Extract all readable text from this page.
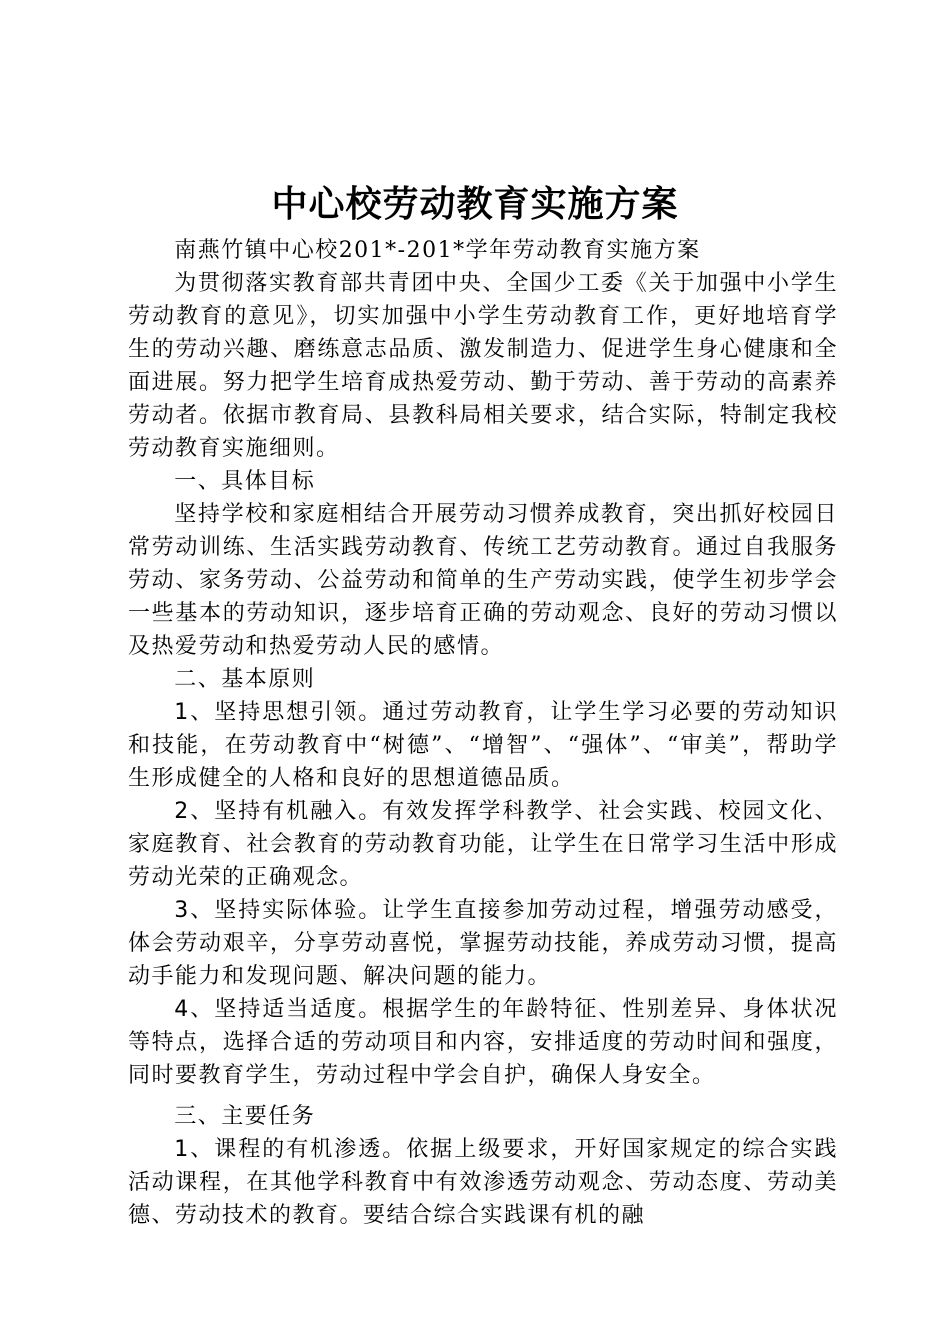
中心校劳动教育实施方案

南燕竹镇中心校201*-201*学年劳动教育实施方案

为贯彻落实教育部共青团中央、全国少工委《关于加强中小学生劳动教育的意见》，切实加强中小学生劳动教育工作，更好地培育学生的劳动兴趣、磨练意志品质、激发制造力、促进学生身心健康和全面进展。努力把学生培育成热爱劳动、勤于劳动、善于劳动的高素养劳动者。依据市教育局、县教科局相关要求，结合实际，特制定我校劳动教育实施细则。

一、具体目标

坚持学校和家庭相结合开展劳动习惯养成教育，突出抓好校园日常劳动训练、生活实践劳动教育、传统工艺劳动教育。通过自我服务劳动、家务劳动、公益劳动和简单的生产劳动实践，使学生初步学会一些基本的劳动知识，逐步培育正确的劳动观念、良好的劳动习惯以及热爱劳动和热爱劳动人民的感情。

二、基本原则

1、坚持思想引领。通过劳动教育，让学生学习必要的劳动知识和技能，在劳动教育中“树德”、“增智”、“强体”、“审美”，帮助学生形成健全的人格和良好的思想道德品质。

2、坚持有机融入。有效发挥学科教学、社会实践、校园文化、家庭教育、社会教育的劳动教育功能，让学生在日常学习生活中形成劳动光荣的正确观念。

3、坚持实际体验。让学生直接参加劳动过程，增强劳动感受，体会劳动艰辛，分享劳动喜悦，掌握劳动技能，养成劳动习惯，提高动手能力和发现问题、解决问题的能力。

4、坚持适当适度。根据学生的年龄特征、性别差异、身体状况等特点，选择合适的劳动项目和内容，安排适度的劳动时间和强度，同时要教育学生，劳动过程中学会自护，确保人身安全。

三、主要任务

1、课程的有机渗透。依据上级要求，开好国家规定的综合实践活动课程，在其他学科教育中有效渗透劳动观念、劳动态度、劳动美德、劳动技术的教育。要结合综合实践课有机的融
